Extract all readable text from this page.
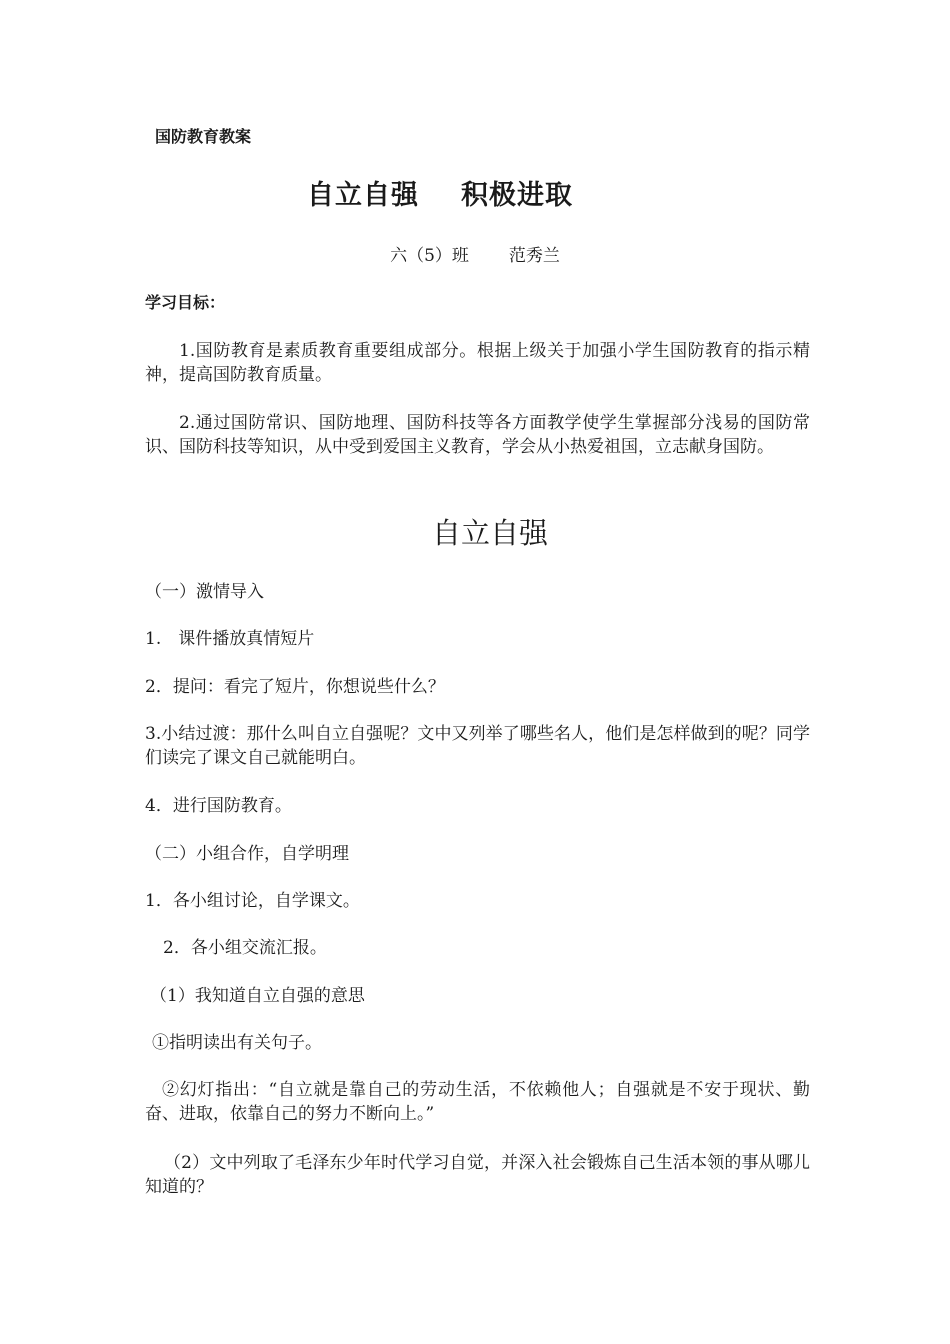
国防教育教案
自立自强 积极进取
六（5）班 范秀兰
学习目标：
1.国防教育是素质教育重要组成部分。根据上级关于加强小学生国防教育的指示精神，提高国防教育质量。
2.通过国防常识、国防地理、国防科技等各方面教学使学生掌握部分浅易的国防常识、国防科技等知识，从中受到爱国主义教育，学会从小热爱祖国，立志献身国防。
自立自强
（一）激情导入
1.　课件播放真情短片
2．提问：看完了短片，你想说些什么？
3.小结过渡：那什么叫自立自强呢？文中又列举了哪些名人，他们是怎样做到的呢？同学们读完了课文自己就能明白。
4．进行国防教育。
（二）小组合作，自学明理
1．各小组讨论，自学课文。
2．各小组交流汇报。
（1）我知道自立自强的意思
①指明读出有关句子。
②幻灯指出：“自立就是靠自己的劳动生活，不依赖他人；自强就是不安于现状、勤奋、进取，依靠自己的努力不断向上。”
（2）文中列取了毛泽东少年时代学习自觉，并深入社会锻炼自己生活本领的事从哪儿知道的？
